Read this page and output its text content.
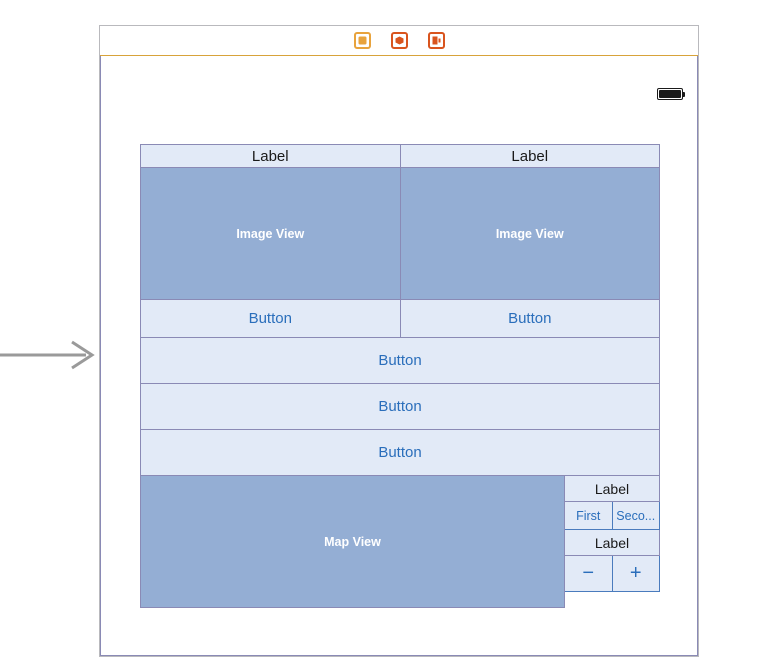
Label	Label
Image View	Image View
Button	Button
Button
Button
Button
Map View
Label
First	Seco...
Label
−	+
